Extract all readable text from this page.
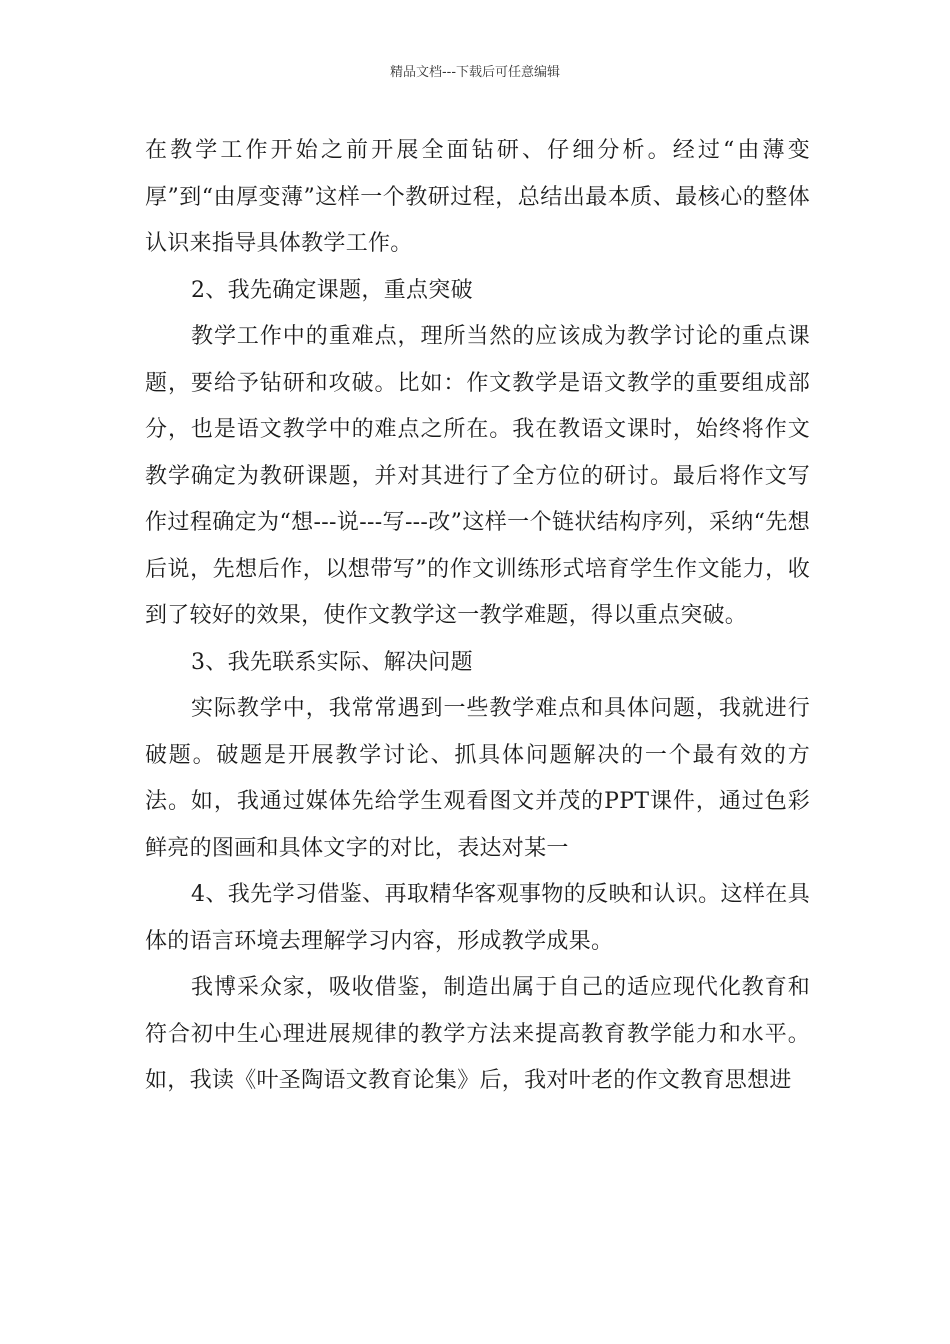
精品文档---下载后可任意编辑

在教学工作开始之前开展全面钻研、仔细分析。经过“由薄变厚”到“由厚变薄”这样一个教研过程，总结出最本质、最核心的整体认识来指导具体教学工作。

2、我先确定课题，重点突破

教学工作中的重难点，理所当然的应该成为教学讨论的重点课题，要给予钻研和攻破。比如：作文教学是语文教学的重要组成部分，也是语文教学中的难点之所在。我在教语文课时，始终将作文教学确定为教研课题，并对其进行了全方位的研讨。最后将作文写作过程确定为“想---说---写---改”这样一个链状结构序列，采纳“先想后说，先想后作，以想带写”的作文训练形式培育学生作文能力，收到了较好的效果，使作文教学这一教学难题，得以重点突破。

3、我先联系实际、解决问题

实际教学中，我常常遇到一些教学难点和具体问题，我就进行破题。破题是开展教学讨论、抓具体问题解决的一个最有效的方法。如，我通过媒体先给学生观看图文并茂的PPT课件，通过色彩鲜亮的图画和具体文字的对比，表达对某一

4、我先学习借鉴、再取精华客观事物的反映和认识。这样在具体的语言环境去理解学习内容，形成教学成果。

我博采众家，吸收借鉴，制造出属于自己的适应现代化教育和符合初中生心理进展规律的教学方法来提高教育教学能力和水平。如，我读《叶圣陶语文教育论集》后，我对叶老的作文教育思想进
